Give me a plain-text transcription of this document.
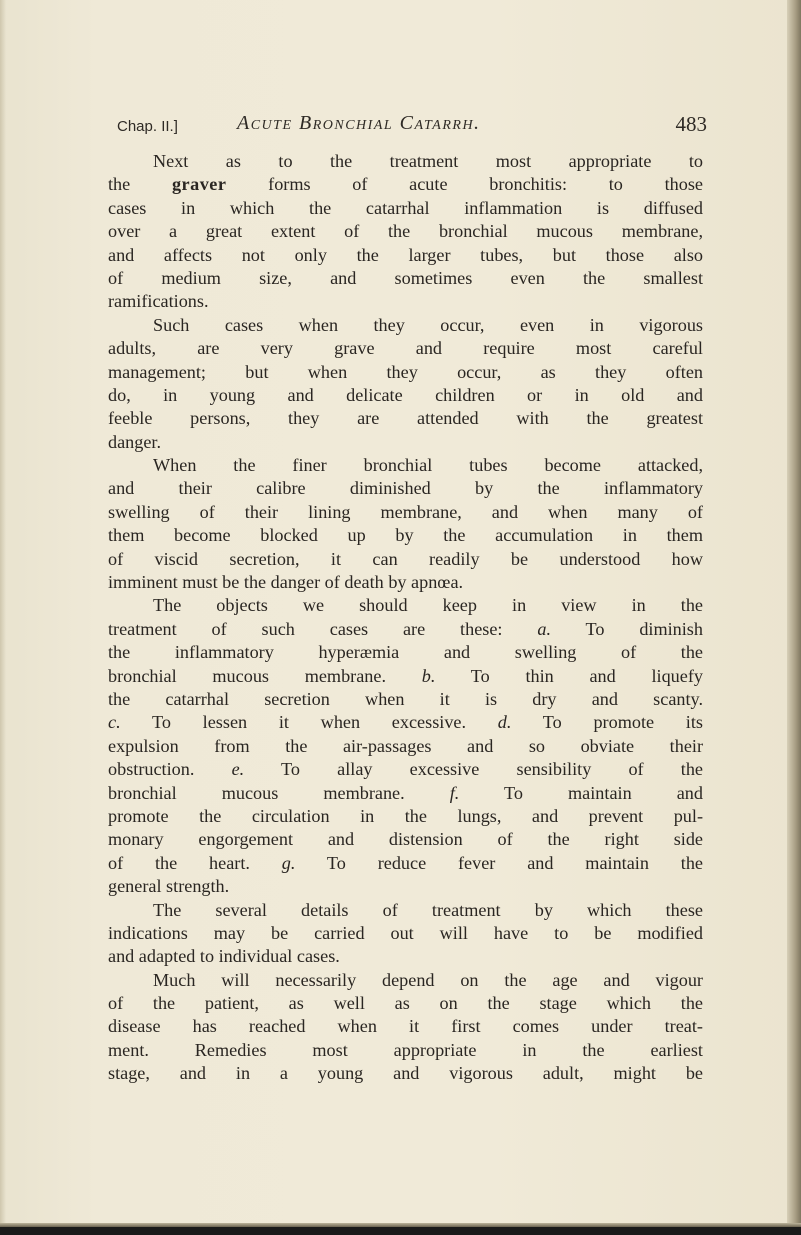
Chap. II.]	Acute Bronchial Catarrh.	483
Next as to the treatment most appropriate to
the graver forms of acute bronchitis: to those
cases in which the catarrhal inflammation is diffused
over a great extent of the bronchial mucous membrane,
and affects not only the larger tubes, but those also
of medium size, and sometimes even the smallest
ramifications.
Such cases when they occur, even in vigorous
adults, are very grave and require most careful
management; but when they occur, as they often
do, in young and delicate children or in old and
feeble persons, they are attended with the greatest
danger.
When the finer bronchial tubes become attacked,
and their calibre diminished by the inflammatory
swelling of their lining membrane, and when many of
them become blocked up by the accumulation in them
of viscid secretion, it can readily be understood how
imminent must be the danger of death by apnœa.
The objects we should keep in view in the
treatment of such cases are these: a. To diminish
the inflammatory hyperæmia and swelling of the
bronchial mucous membrane. b. To thin and liquefy
the catarrhal secretion when it is dry and scanty.
c. To lessen it when excessive. d. To promote its
expulsion from the air-passages and so obviate their
obstruction. e. To allay excessive sensibility of the
bronchial mucous membrane. f. To maintain and
promote the circulation in the lungs, and prevent pul-
monary engorgement and distension of the right side
of the heart. g. To reduce fever and maintain the
general strength.
The several details of treatment by which these
indications may be carried out will have to be modified
and adapted to individual cases.
Much will necessarily depend on the age and vigour
of the patient, as well as on the stage which the
disease has reached when it first comes under treat-
ment. Remedies most appropriate in the earliest
stage, and in a young and vigorous adult, might be
